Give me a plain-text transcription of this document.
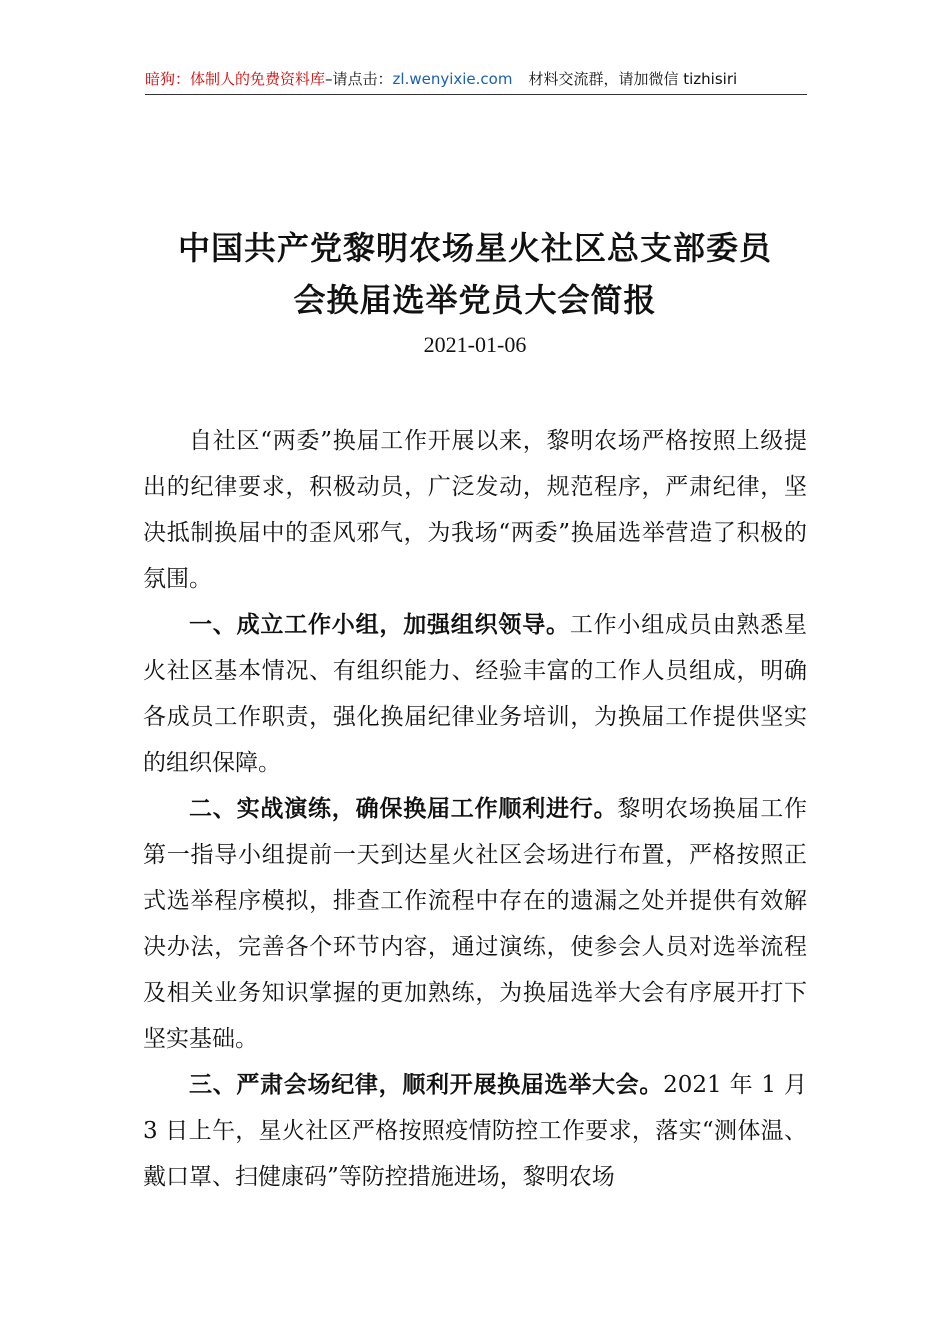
暗狗：体制人的免费资料库–请点击：zl.wenyixie.com 材料交流群，请加微信 tizhisiri
中国共产党黎明农场星火社区总支部委员
会换届选举党员大会简报
2021-01-06

自社区“两委”换届工作开展以来，黎明农场严格按照上级提出的纪律要求，积极动员，广泛发动，规范程序，严肃纪律，坚决抵制换届中的歪风邪气，为我场“两委”换届选举营造了积极的氛围。

一、成立工作小组，加强组织领导。工作小组成员由熟悉星火社区基本情况、有组织能力、经验丰富的工作人员组成，明确各成员工作职责，强化换届纪律业务培训，为换届工作提供坚实的组织保障。

二、实战演练，确保换届工作顺利进行。黎明农场换届工作第一指导小组提前一天到达星火社区会场进行布置，严格按照正式选举程序模拟，排查工作流程中存在的遗漏之处并提供有效解决办法，完善各个环节内容，通过演练，使参会人员对选举流程及相关业务知识掌握的更加熟练，为换届选举大会有序展开打下坚实基础。

三、严肃会场纪律，顺利开展换届选举大会。2021 年 1 月 3 日上午，星火社区严格按照疫情防控工作要求，落实“测体温、戴口罩、扫健康码”等防控措施进场，黎明农场
